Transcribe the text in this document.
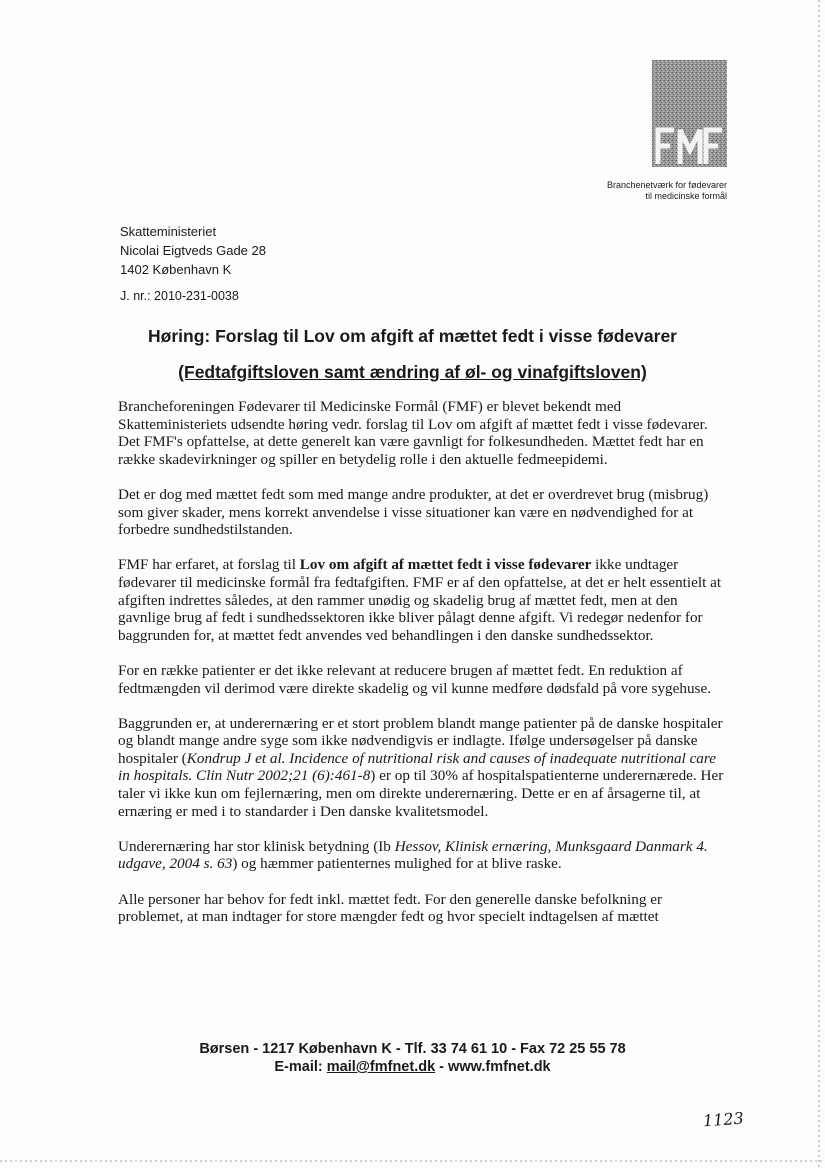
FMF
Branchenetværk for fødevarer
til medicinske formål
Skatteministeriet
Nicolai Eigtveds Gade 28
1402 København K
J. nr.: 2010-231-0038
Høring: Forslag til Lov om afgift af mættet fedt i visse fødevarer
(Fedtafgiftsloven samt ændring af øl- og vinafgiftsloven)

Brancheforeningen Fødevarer til Medicinske Formål (FMF) er blevet bekendt med Skatteministeriets udsendte høring vedr. forslag til Lov om afgift af mættet fedt i visse fødevarer. Det FMF's opfattelse, at dette generelt kan være gavnligt for folkesundheden. Mættet fedt har en række skadevirkninger og spiller en betydelig rolle i den aktuelle fedmeepidemi.

Det er dog med mættet fedt som med mange andre produkter, at det er overdrevet brug (misbrug) som giver skader, mens korrekt anvendelse i visse situationer kan være en nødvendighed for at forbedre sundhedstilstanden.

FMF har erfaret, at forslag til Lov om afgift af mættet fedt i visse fødevarer ikke undtager fødevarer til medicinske formål fra fedtafgiften. FMF er af den opfattelse, at det er helt essentielt at afgiften indrettes således, at den rammer unødig og skadelig brug af mættet fedt, men at den gavnlige brug af fedt i sundhedssektoren ikke bliver pålagt denne afgift. Vi redegør nedenfor for baggrunden for, at mættet fedt anvendes ved behandlingen i den danske sundhedssektor.

For en række patienter er det ikke relevant at reducere brugen af mættet fedt. En reduktion af fedtmængden vil derimod være direkte skadelig og vil kunne medføre dødsfald på vore sygehuse.

Baggrunden er, at underernæring er et stort problem blandt mange patienter på de danske hospitaler og blandt mange andre syge som ikke nødvendigvis er indlagte. Ifølge undersøgelser på danske hospitaler (Kondrup J et al. Incidence of nutritional risk and causes of inadequate nutritional care in hospitals. Clin Nutr 2002;21 (6):461-8) er op til 30% af hospitalspatienterne underernærede. Her taler vi ikke kun om fejlernæring, men om direkte underernæring. Dette er en af årsagerne til, at ernæring er med i to standarder i Den danske kvalitetsmodel.

Underernæring har stor klinisk betydning (Ib Hessov, Klinisk ernæring, Munksgaard Danmark 4. udgave, 2004 s. 63) og hæmmer patienternes mulighed for at blive raske.

Alle personer har behov for fedt inkl. mættet fedt. For den generelle danske befolkning er problemet, at man indtager for store mængder fedt og hvor specielt indtagelsen af mættet

Børsen - 1217 København K - Tlf. 33 74 61 10 - Fax 72 25 55 78
E-mail: mail@fmfnet.dk - www.fmfnet.dk
1123
